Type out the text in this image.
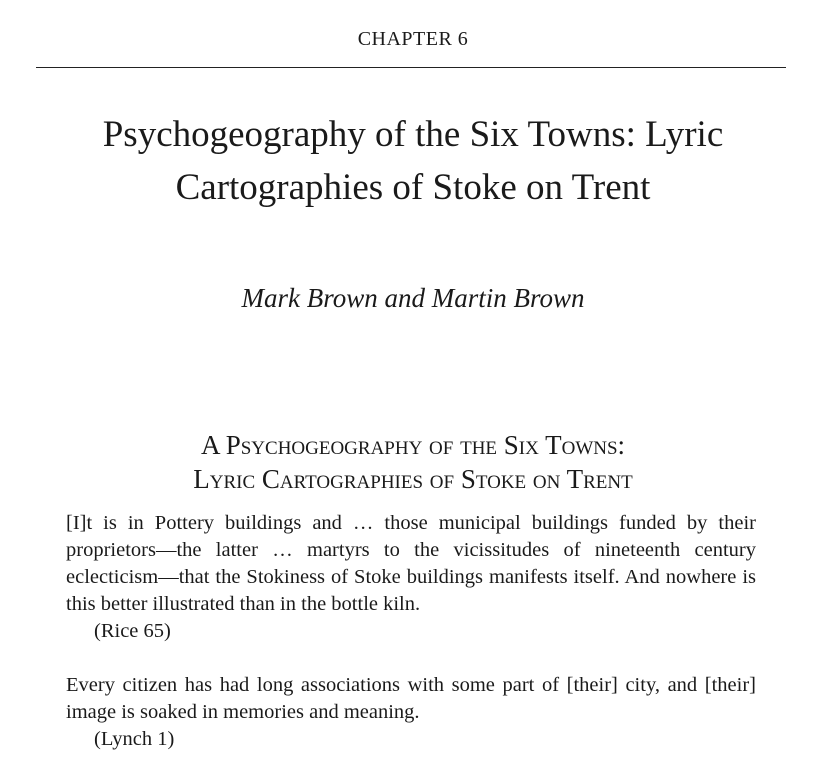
CHAPTER 6
Psychogeography of the Six Towns: Lyric
Cartographies of Stoke on Trent
Mark Brown and Martin Brown
A Psychogeography of the Six Towns:
Lyric Cartographies of Stoke on Trent

[I]t is in Pottery buildings and … those municipal buildings funded by their proprietors—the latter … martyrs to the vicissitudes of nineteenth century eclecticism—that the Stokiness of Stoke buildings manifests itself. And nowhere is this better illustrated than in the bottle kiln.
(Rice 65)

Every citizen has had long associations with some part of [their] city, and [their] image is soaked in memories and meaning.
(Lynch 1)
